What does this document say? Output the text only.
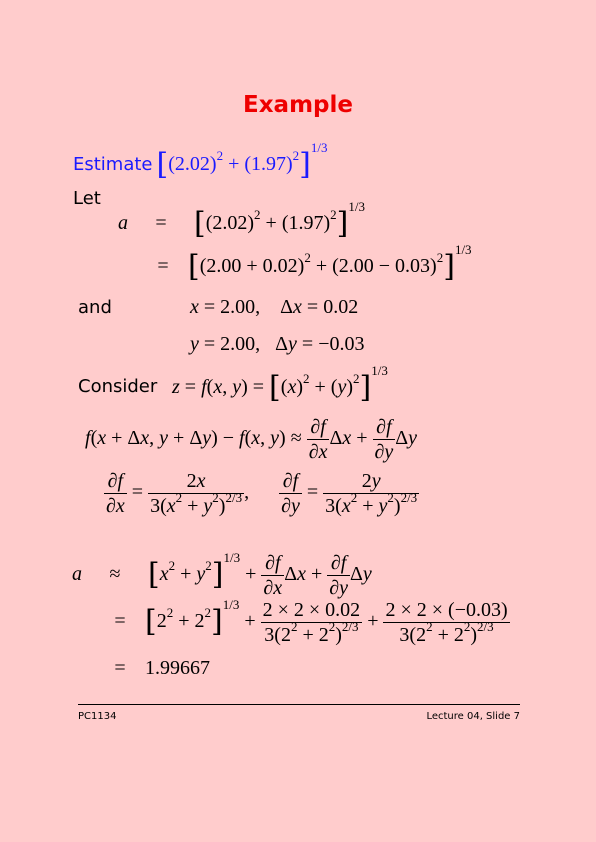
Example
Estimate $[(2.02)^2 + (1.97)^2]^{1/3}$
Let
$a = [(2.02)^2 + (1.97)^2]^{1/3}$
= $[(2.00 + 0.02)^2 + (2.00 - 0.03)^2]^{1/3}$
and	x = 2.00,    Δx = 0.02
y = 2.00,   Δy = −0.03
Consider z = f(x, $y) = [(x)^2 + (y)^2]^{1/3}$
f(x + Δx, y + Δy) − f(x, $y) \approx \frac{\partial f}{\partial x}$ $\Delta x + \frac{\partial f}{\partial y}$ Δy
$\frac{\partial f}{\partial x} = \frac{2x}{3(x^2 + y^2)^{2/3}}$ , $\frac{\partial f}{\partial y} = \frac{2y}{3(x^2 + y^2)^{2/3}}$
$a \approx [x^2 + y^2]^{1/3} + \frac{\partial f}{\partial x}$ $\Delta x + \frac{\partial f}{\partial y}$ Δy
= $[2^2 + 2^2]^{1/3} + \frac{2 \times 2 \times 0.02}{3(2^2 + 2^2)^{2/3}} + \frac{2 \times 2 \times (-0.03)}{3(2^2 + 2^2)^{2/3}}$
= 1.99667
PC1134	Lecture 04, Slide 7
